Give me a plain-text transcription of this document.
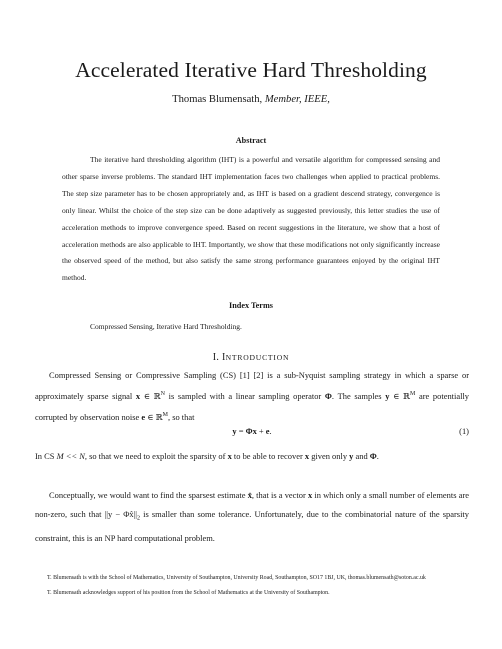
Accelerated Iterative Hard Thresholding
Thomas Blumensath, Member, IEEE,
Abstract

The iterative hard thresholding algorithm (IHT) is a powerful and versatile algorithm for compressed sensing and other sparse inverse problems. The standard IHT implementation faces two challenges when applied to practical problems. The step size parameter has to be chosen appropriately and, as IHT is based on a gradient descend strategy, convergence is only linear. Whilst the choice of the step size can be done adaptively as suggested previously, this letter studies the use of acceleration methods to improve convergence speed. Based on recent suggestions in the literature, we show that a host of acceleration methods are also applicable to IHT. Importantly, we show that these modifications not only significantly increase the observed speed of the method, but also satisfy the same strong performance guarantees enjoyed by the original IHT method.

Index Terms
Compressed Sensing, Iterative Hard Thresholding.
I. INTRODUCTION

Compressed Sensing or Compressive Sampling (CS) [1] [2] is a sub-Nyquist sampling strategy in which a sparse or approximately sparse signal x ∈ ℝ$^N$ is sampled with a linear sampling operator Φ. The samples y ∈ ℝ$^M$ are potentially corrupted by observation noise e ∈ ℝ$^M$, so that

y = Φx + e.	(1)

In CS M << N, so that we need to exploit the sparsity of x to be able to recover x given only y and Φ.

Conceptually, we would want to find the sparsest estimate x̂, that is a vector x in which only a small number of elements are non-zero, such that $||y - \Phi x̂||_2$ is smaller than some tolerance. Unfortunately, due to the combinatorial nature of the sparsity constraint, this is an NP hard computational problem.

T. Blumensath is with the School of Mathematics, University of Southampton, University Road, Southampton, SO17 1BJ, UK, thomas.blumensath@soton.ac.uk

T. Blumensath acknowledges support of his position from the School of Mathematics at the University of Southampton.
